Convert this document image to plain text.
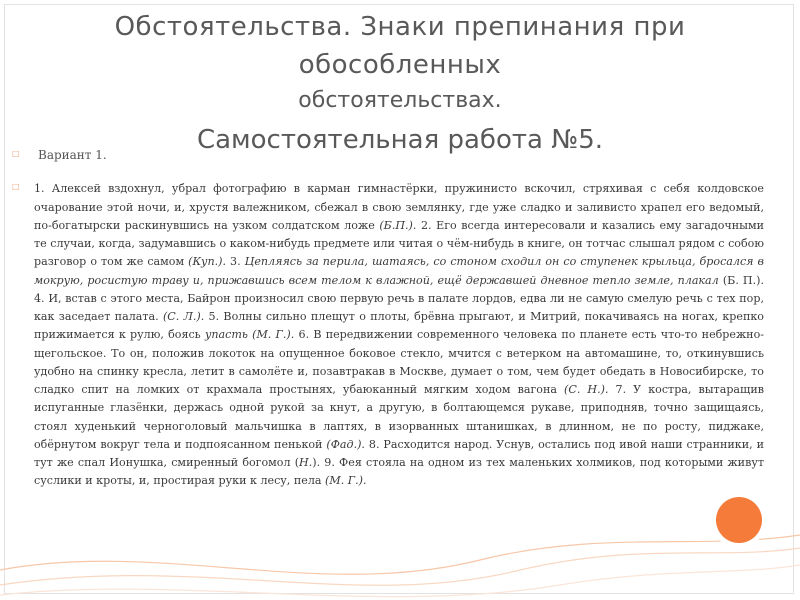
Обстоятельства. Знаки препинания при обособленных
обстоятельствах.
Самостоятельная работа №5.
□
□
Вариант 1.

1. Алексей вздохнул, убрал фотографию в карман гимнастёрки, пружинисто вскочил, стряхивая с себя колдовское очарование этой ночи, и, хрустя валежником, сбежал в свою землянку, где уже сладко и заливисто храпел его ведомый, по-богатырски раскинувшись на узком солдатском ложе (Б.П.). 2. Его всегда интересовали и казались ему загадочными те случаи, когда, задумавшись о каком-нибудь предмете или читая о чём-нибудь в книге, он тотчас слышал рядом с собою разговор о том же самом (Куп.). 3. Цепляясь за перила, шатаясь, со стоном сходил он со ступенек крыльца, бросался в мокрую, росистую траву и, прижавшись всем телом к влажной, ещё державшей дневное тепло земле, плакал (Б. П.). 4. И, встав с этого места, Байрон произносил свою первую речь в палате лордов, едва ли не самую смелую речь с тех пор, как заседает палата. (С. Л.). 5. Волны сильно плещут о плоты, брёвна прыгают, и Митрий, покачиваясь на ногах, крепко прижимается к рулю, боясь упасть (М. Г.). 6. В передвижении современного человека по планете есть что-то небрежно-щегольское. То он, положив локоток на опущенное боковое стекло, мчится с ветерком на автомашине, то, откинувшись удобно на спинку кресла, летит в самолёте и, позавтракав в Москве, думает о том, чем будет обедать в Новосибирске, то сладко спит на ломких от крахмала простынях, убаюканный мягким ходом вагона (С. Н.). 7. У костра, вытаращив испуганные глазёнки, держась одной рукой за кнут, а другую, в болтающемся рукаве, приподняв, точно защищаясь, стоял худенький черноголовый мальчишка в лаптях, в изорванных штанишках, в длинном, не по росту, пиджаке, обёрнутом вокруг тела и подпоясанном пенькой (Фад.). 8. Расходится народ. Уснув, остались под ивой наши странники, и тут же спал Ионушка, смиренный богомол (Н.). 9. Фея стояла на одном из тех маленьких холмиков, под которыми живут суслики и кроты, и, простирая руки к лесу, пела (М. Г.).
